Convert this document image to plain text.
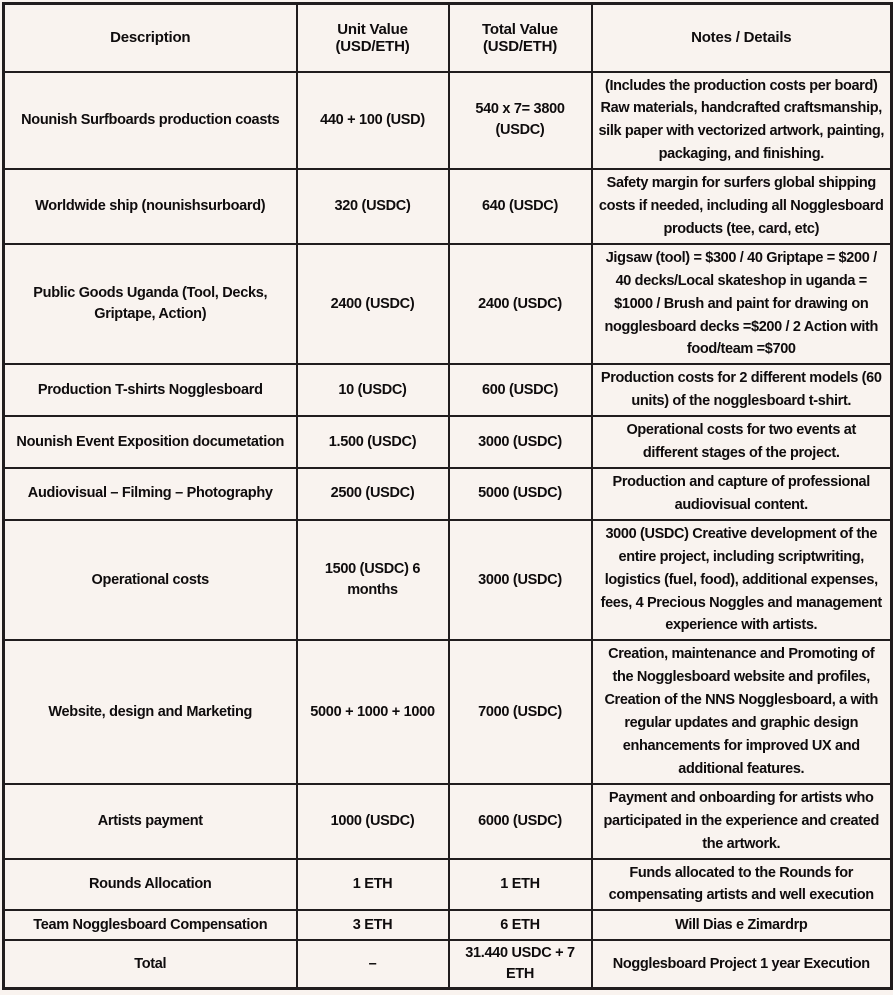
Description	Unit Value (USD/ETH)	Total Value (USD/ETH)	Notes / Details
Nounish Surfboards production coasts	440 + 100 (USD)	540 x 7= 3800 (USDC)	(Includes the production costs per board) Raw materials, handcrafted craftsmanship, silk paper with vectorized artwork, painting, packaging, and finishing.
Worldwide ship (nounishsurboard)	320 (USDC)	640 (USDC)	Safety margin for surfers global shipping costs if needed, including all Nogglesboard products (tee, card, etc)
Public Goods Uganda (Tool, Decks, Griptape, Action)	2400 (USDC)	2400 (USDC)	Jigsaw (tool) = $300 / 40 Griptape = $200 / 40 decks/Local skateshop in uganda = $1000 / Brush and paint for drawing on nogglesboard decks =$200 / 2 Action with food/team =$700
Production T-shirts Nogglesboard	10 (USDC)	600 (USDC)	Production costs for 2 different models (60 units) of the nogglesboard t-shirt.
Nounish Event Exposition documetation	1.500 (USDC)	3000 (USDC)	Operational costs for two events at different stages of the project.
Audiovisual – Filming – Photography	2500 (USDC)	5000 (USDC)	Production and capture of professional audiovisual content.
Operational costs	1500 (USDC) 6 months	3000 (USDC)	3000 (USDC) Creative development of the entire project, including scriptwriting, logistics (fuel, food), additional expenses, fees, 4 Precious Noggles and management experience with artists.
Website, design and Marketing	5000 + 1000 + 1000	7000 (USDC)	Creation, maintenance and Promoting of the Nogglesboard website and profiles, Creation of the NNS Nogglesboard, a with regular updates and graphic design enhancements for improved UX and additional features.
Artists payment	1000 (USDC)	6000 (USDC)	Payment and onboarding for artists who participated in the experience and created the artwork.
Rounds Allocation	1 ETH	1 ETH	Funds allocated to the Rounds for compensating artists and well execution
Team Nogglesboard Compensation	3 ETH	6 ETH	Will Dias e Zimardrp
Total	–	31.440 USDC + 7 ETH	Nogglesboard Project 1 year Execution
